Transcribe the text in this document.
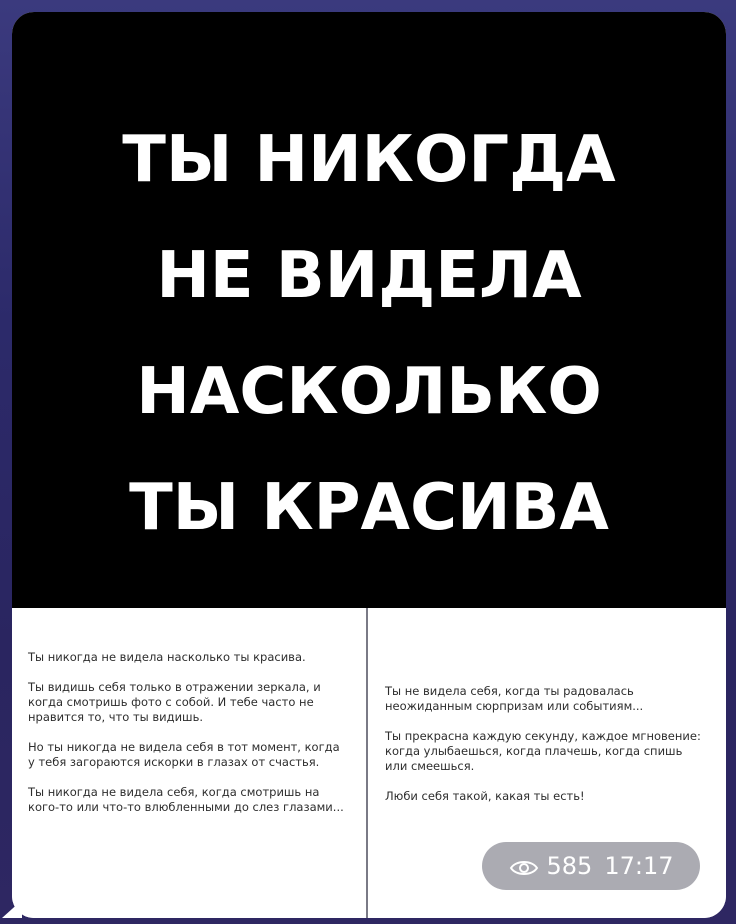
ТЫ НИКОГДА
НЕ ВИДЕЛА
НАСКОЛЬКО
ТЫ КРАСИВА

Ты никогда не видела насколько ты красива.

Ты видишь себя только в отражении зеркала, и когда смотришь фото с собой. И тебе часто не нравится то, что ты видишь.

Но ты никогда не видела себя в тот момент, когда у тебя загораются искорки в глазах от счастья.

Ты никогда не видела себя, когда смотришь на кого-то или что-то влюбленными до слез глазами...

Ты не видела себя, когда ты радовалась неожиданным сюрпризам или событиям...

Ты прекрасна каждую секунду, каждое мгновение: когда улыбаешься, когда плачешь, когда спишь или смеешься.

Люби себя такой, какая ты есть!

585 17:17
